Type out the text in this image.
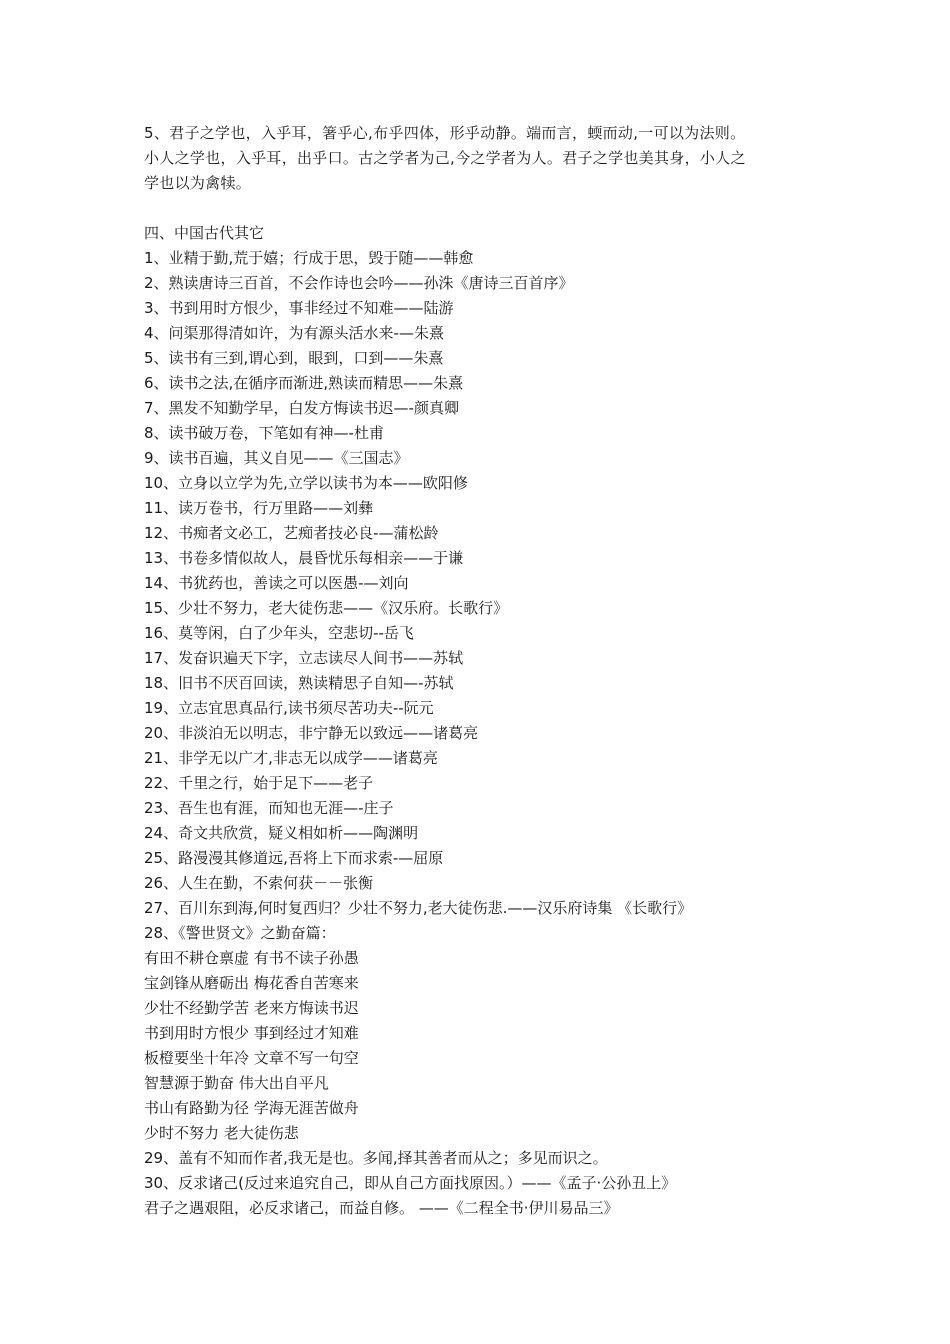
5、君子之学也，入乎耳，箸乎心,布乎四体，形乎动静。端而言，蝡而动,一可以为法则。
小人之学也，入乎耳，出乎口。古之学者为己,今之学者为人。君子之学也美其身，小人之
学也以为禽犊。
四、中国古代其它
1、业精于勤,荒于嬉；行成于思，毁于随——韩愈
2、熟读唐诗三百首，不会作诗也会吟——孙洙《唐诗三百首序》
3、书到用时方恨少，事非经过不知难——陆游
4、问渠那得清如许，为有源头活水来-—朱熹
5、读书有三到,谓心到，眼到，口到——朱熹
6、读书之法,在循序而渐进,熟读而精思——朱熹
7、黑发不知勤学早，白发方悔读书迟—-颜真卿
8、读书破万卷，下笔如有神—-杜甫
9、读书百遍，其义自见——《三国志》
10、立身以立学为先,立学以读书为本——欧阳修
11、读万卷书，行万里路——刘彝
12、书痴者文必工，艺痴者技必良-—蒲松龄
13、书卷多情似故人，晨昏忧乐每相亲——于谦
14、书犹药也，善读之可以医愚-—刘向
15、少壮不努力，老大徒伤悲——《汉乐府。长歌行》
16、莫等闲，白了少年头，空悲切--岳飞
17、发奋识遍天下字，立志读尽人间书——苏轼
18、旧书不厌百回读，熟读精思子自知—-苏轼
19、立志宜思真品行,读书须尽苦功夫--阮元
20、非淡泊无以明志，非宁静无以致远——诸葛亮
21、非学无以广才,非志无以成学——诸葛亮
22、千里之行，始于足下——老子
23、吾生也有涯，而知也无涯—-庄子
24、奇文共欣赏，疑义相如析——陶渊明
25、路漫漫其修道远,吾将上下而求索-—屈原
26、人生在勤，不索何获－－张衡
27、百川东到海,何时复西归？少壮不努力,老大徒伤悲.——汉乐府诗集 《长歌行》
28、《警世贤文》之勤奋篇：
有田不耕仓禀虚 有书不读子孙愚
宝剑锋从磨砺出 梅花香自苦寒来
少壮不经勤学苦 老来方悔读书迟
书到用时方恨少 事到经过才知难
板橙要坐十年冷 文章不写一句空
智慧源于勤奋 伟大出自平凡
书山有路勤为径 学海无涯苦做舟
少时不努力 老大徒伤悲
29、盖有不知而作者,我无是也。多闻,择其善者而从之；多见而识之。
30、反求诸己(反过来追究自己，即从自己方面找原因。）——《孟子·公孙丑上》
君子之遇艰阻，必反求诸己，而益自修。 ——《二程全书·伊川易品三》
